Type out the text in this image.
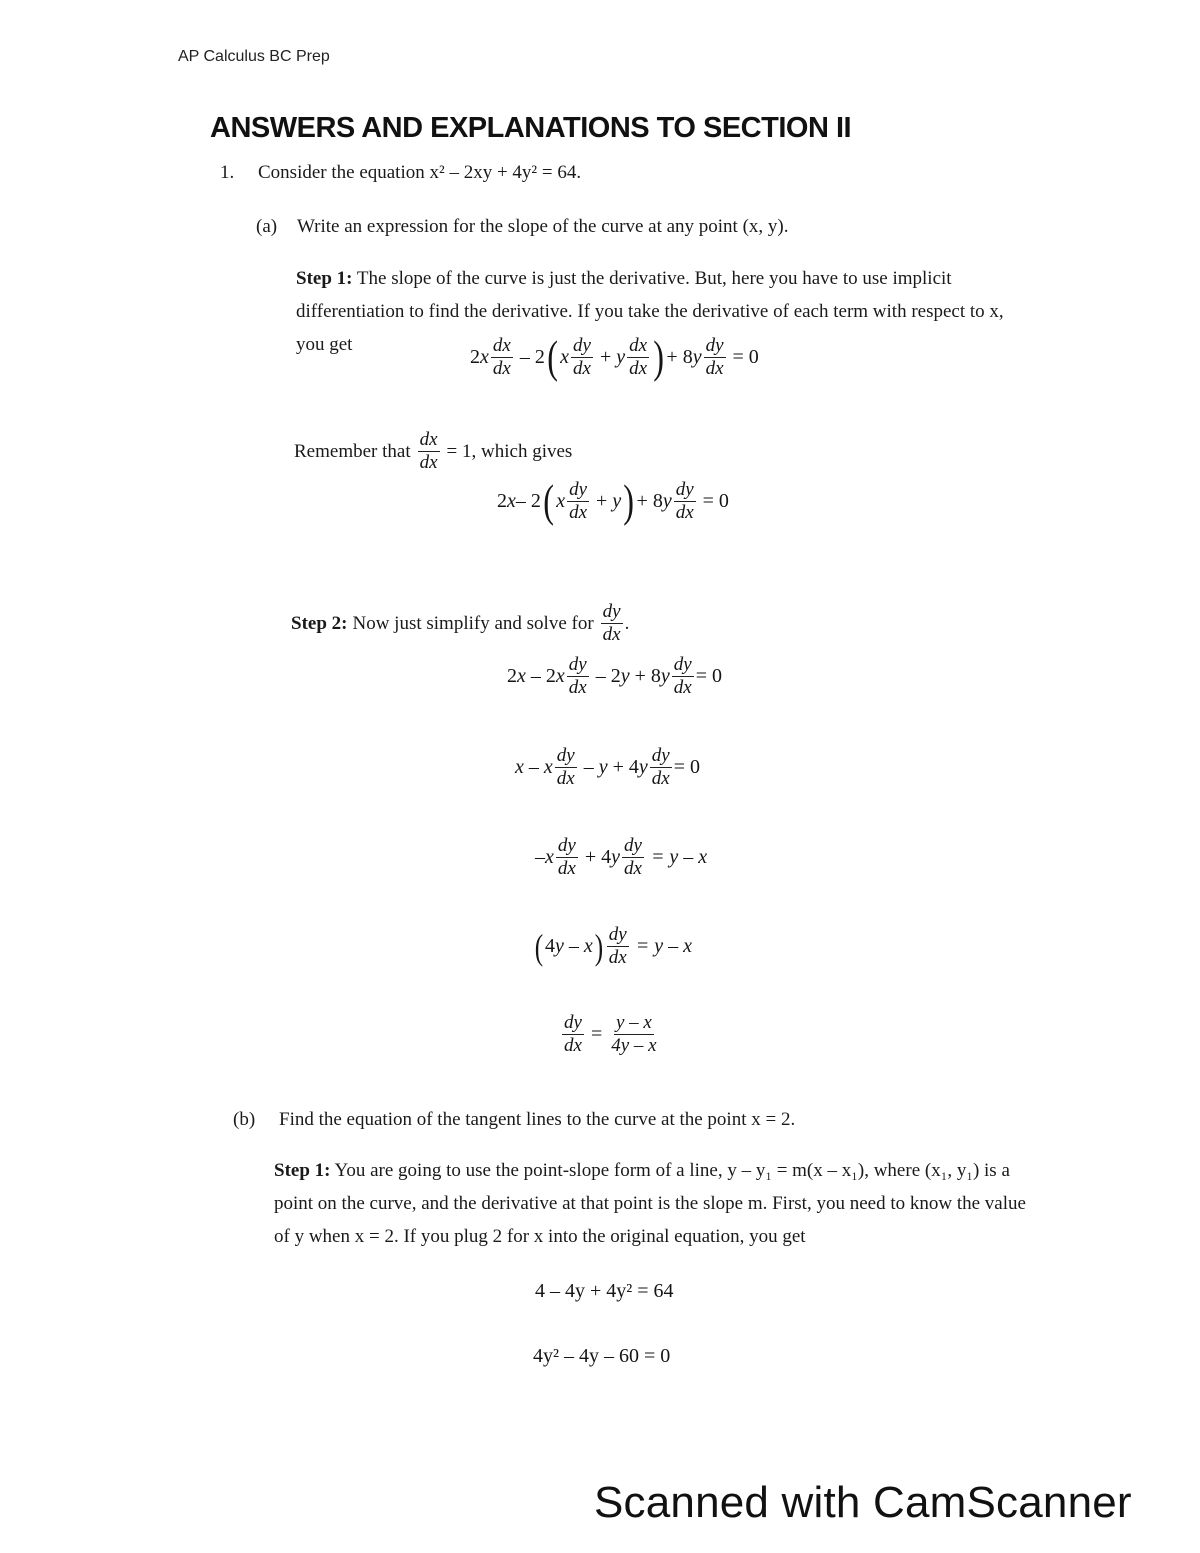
AP Calculus BC Prep
ANSWERS AND EXPLANATIONS TO SECTION II
1. Consider the equation x² – 2xy + 4y² = 64.
(a) Write an expression for the slope of the curve at any point (x, y).
Step 1: The slope of the curve is just the derivative. But, here you have to use implicit differentiation to find the derivative. If you take the derivative of each term with respect to x, you get
$2x \frac{dx}{dx} - 2$ ( x $\frac{dy}{dx} + y \frac{dx}{dx}$ ) + $8y \frac{dy}{dx} = 0$
Remember that $\frac{dx}{dx} = 1$, which gives
2x– 2 ( x $\frac{dy}{dx} + y$ ) + $8y \frac{dy}{dx} = 0$
Step 2: Now just simplify and solve for $\frac{dy}{dx}$ .
$2x - 2x \frac{dy}{dx} - 2y + 8y \frac{dy}{dx} = 0$
x – x $\frac{dy}{dx} - y + 4y \frac{dy}{dx} = 0$
$-x \frac{dy}{dx} + 4y \frac{dy}{dx} = y - x$
( 4y – x ) $\frac{dy}{dx} = y - x$
$\frac{dy}{dx} = \frac{y - x}{4y - x}$
(b) Find the equation of the tangent lines to the curve at the point x = 2.
Step 1: You are going to use the point-slope form of a line, y – y₁ = m(x – x₁), where (x₁, y₁) is a point on the curve, and the derivative at that point is the slope m. First, you need to know the value of y when x = 2. If you plug 2 for x into the original equation, you get
4 – 4y + 4y² = 64
4y² – 4y – 60 = 0
Scanned with CamScanner
